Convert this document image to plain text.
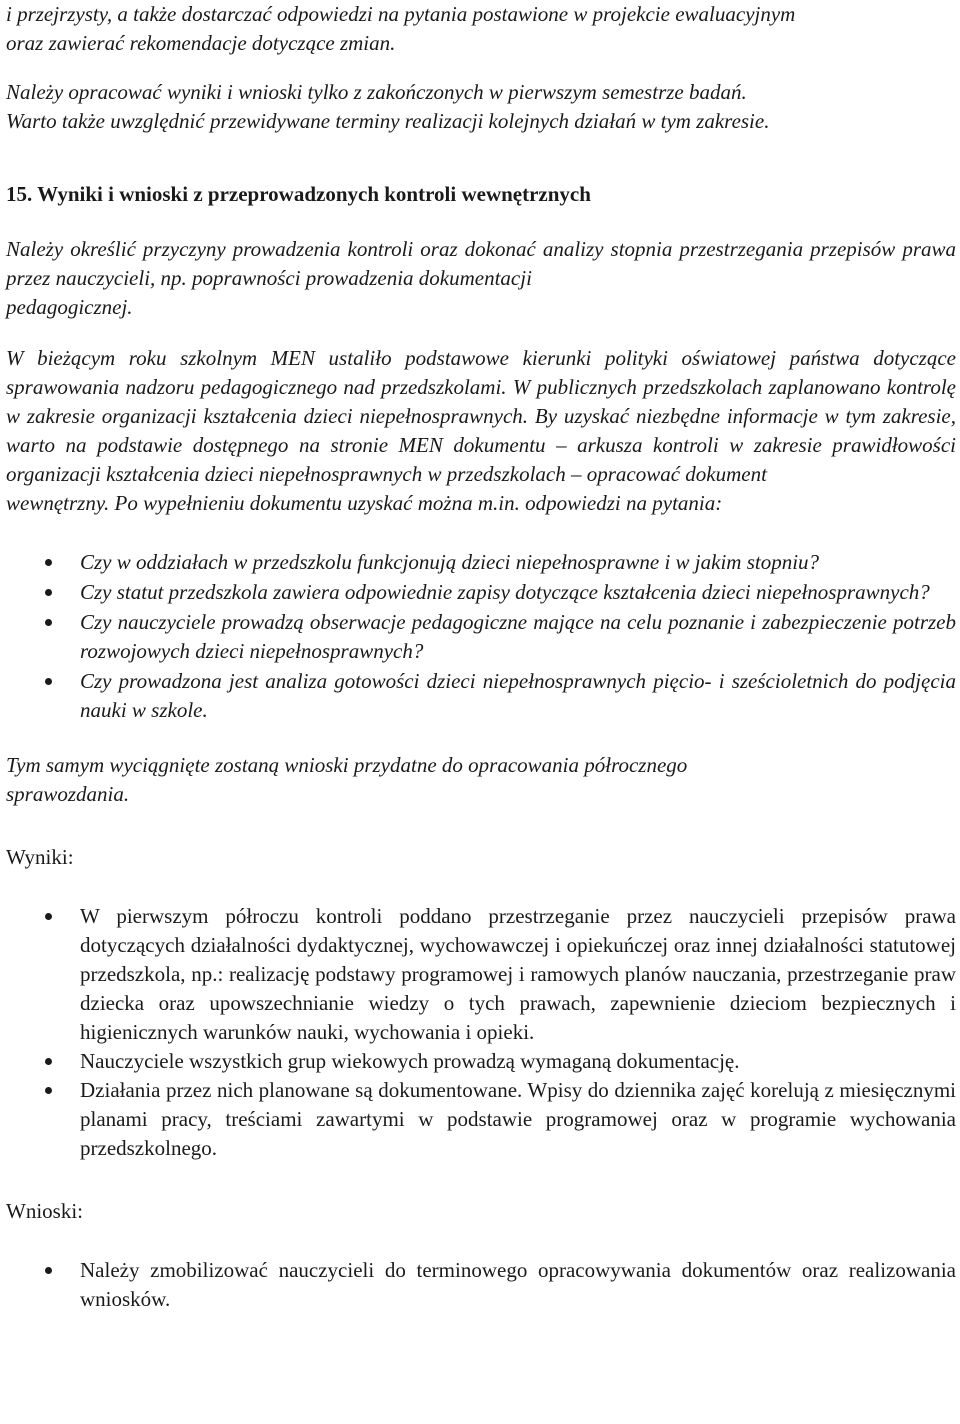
i przejrzysty, a także dostarczać odpowiedzi na pytania postawione w projekcie ewaluacyjnym
oraz zawierać rekomendacje dotyczące zmian.

Należy opracować wyniki i wnioski tylko z zakończonych w pierwszym semestrze badań.
Warto także uwzględnić przewidywane terminy realizacji kolejnych działań w tym zakresie.

15. Wyniki i wnioski z przeprowadzonych kontroli wewnętrznych

Należy określić przyczyny prowadzenia kontroli oraz dokonać analizy stopnia przestrzegania przepisów prawa przez nauczycieli, np. poprawności prowadzenia dokumentacji

pedagogicznej.

W bieżącym roku szkolnym MEN ustaliło podstawowe kierunki polityki oświatowej państwa dotyczące sprawowania nadzoru pedagogicznego nad przedszkolami. W publicznych przedszkolach zaplanowano kontrolę w zakresie organizacji kształcenia dzieci niepełnosprawnych. By uzyskać niezbędne informacje w tym zakresie, warto na podstawie dostępnego na stronie MEN dokumentu – arkusza kontroli w zakresie prawidłowości organizacji kształcenia dzieci niepełnosprawnych w przedszkolach – opracować dokument

wewnętrzny. Po wypełnieniu dokumentu uzyskać można m.in. odpowiedzi na pytania:

Czy w oddziałach w przedszkolu funkcjonują dzieci niepełnosprawne i w jakim stopniu?
Czy statut przedszkola zawiera odpowiednie zapisy dotyczące kształcenia dzieci niepełnosprawnych?
Czy nauczyciele prowadzą obserwacje pedagogiczne mające na celu poznanie i zabezpieczenie potrzeb rozwojowych dzieci niepełnosprawnych?
Czy prowadzona jest analiza gotowości dzieci niepełnosprawnych pięcio- i sześcioletnich do podjęcia nauki w szkole.

Tym samym wyciągnięte zostaną wnioski przydatne do opracowania półrocznego

sprawozdania.

Wyniki:
W pierwszym półroczu kontroli poddano przestrzeganie przez nauczycieli przepisów prawa dotyczących działalności dydaktycznej, wychowawczej i opiekuńczej oraz innej działalności statutowej przedszkola, np.: realizację podstawy programowej i ramowych planów nauczania, przestrzeganie praw dziecka oraz upowszechnianie wiedzy o tych prawach, zapewnienie dzieciom bezpiecznych i higienicznych warunków nauki, wychowania i opieki.
Nauczyciele wszystkich grup wiekowych prowadzą wymaganą dokumentację.
Działania przez nich planowane są dokumentowane. Wpisy do dziennika zajęć korelują z miesięcznymi planami pracy, treściami zawartymi w podstawie programowej oraz w programie wychowania przedszkolnego.
Wnioski:
Należy zmobilizować nauczycieli do terminowego opracowywania dokumentów oraz realizowania wniosków.
